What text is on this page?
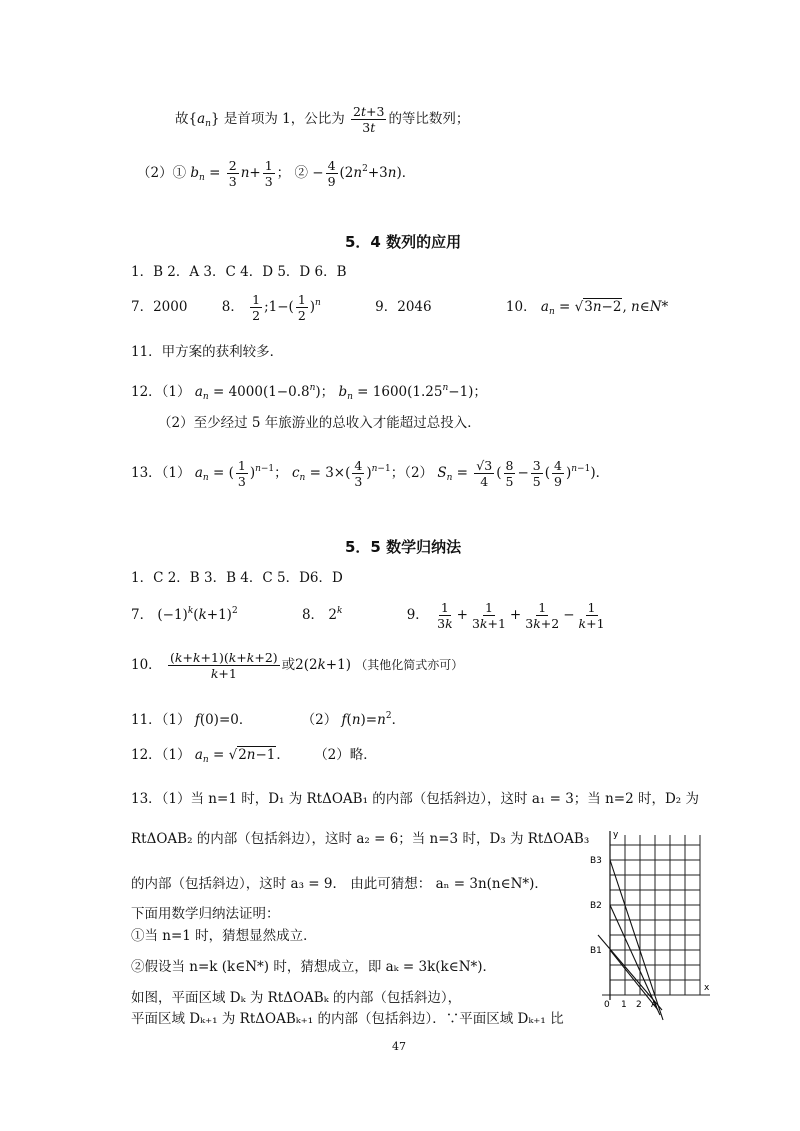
故$\{a_n\}$ 是首项为 1，公比为 $\frac{2t+3}{3t}$ 的等比数列；
（2）① $b_n = \frac{2}{3} n+ \frac{1}{3}$ ； ② − $\frac{4}{9} (2n^2+3n)$．
5．4 数列的应用
1．B 2．A 3．C 4．D 5．D 6．B
7．2000	8． $\frac{1}{2}$ ;1−( $\frac{1}{2} )^n$	9．2046	10． $a_n = √3n-2$, n∈N*
11．甲方案的获利较多．
12．（1） $a_n = 4000(1-0.8^n)$； $b_n = 1600(1.25^n-1)$；
（2）至少经过 5 年旅游业的总收入才能超过总投入．
13．（1） $a_n$ = ( $\frac{1}{3} )^{n-1}$； $c_n = 3\times( \frac{4}{3} )^{n-1}$；（2） $S_n = \frac{√3}{4}$ ( $\frac{8}{5} - \frac{3}{5}$ ( $\frac{4}{9} )^{n-1}$)．
5．5 数学归纳法
1．C 2．B 3．B 4．C 5．D6．D
7． $(-1)^k(k+1)^2$	8． 2$^k$	9． $\frac{1}{3k} + \frac{1}{3k+1} + \frac{1}{3k+2} - \frac{1}{k+1}$
10． $\frac{(k+k+1)(k+k+2)}{k+1}$ 或2(2k+1) （其他化简式亦可）
11．（1） f(0)=0．	（2） $f(n)=n^2$．
12．（1） $a_n = √2n-1$． （2）略．
13．（1）当 n=1 时，D₁ 为 RtΔOAB₁ 的内部（包括斜边），这时 a₁ = 3；当 n=2 时，D₂ 为
RtΔOAB₂ 的内部（包括斜边），这时 a₂ = 6；当 n=3 时，D₃ 为 RtΔOAB₃
的内部（包括斜边），这时 a₃ = 9． 由此可猜想： aₙ = 3n(n∈N*)．
下面用数学归纳法证明：
①当 n=1 时，猜想显然成立．
②假设当 n=k (k∈N*) 时，猜想成立，即 aₖ = 3k(k∈N*)．
如图，平面区域 Dₖ 为 RtΔOABₖ 的内部（包括斜边），
平面区域 Dₖ₊₁ 为 RtΔOABₖ₊₁ 的内部（包括斜边）．∵平面区域 Dₖ₊₁ 比
y
x
B3
B2
B1
0 1 2 A
47
